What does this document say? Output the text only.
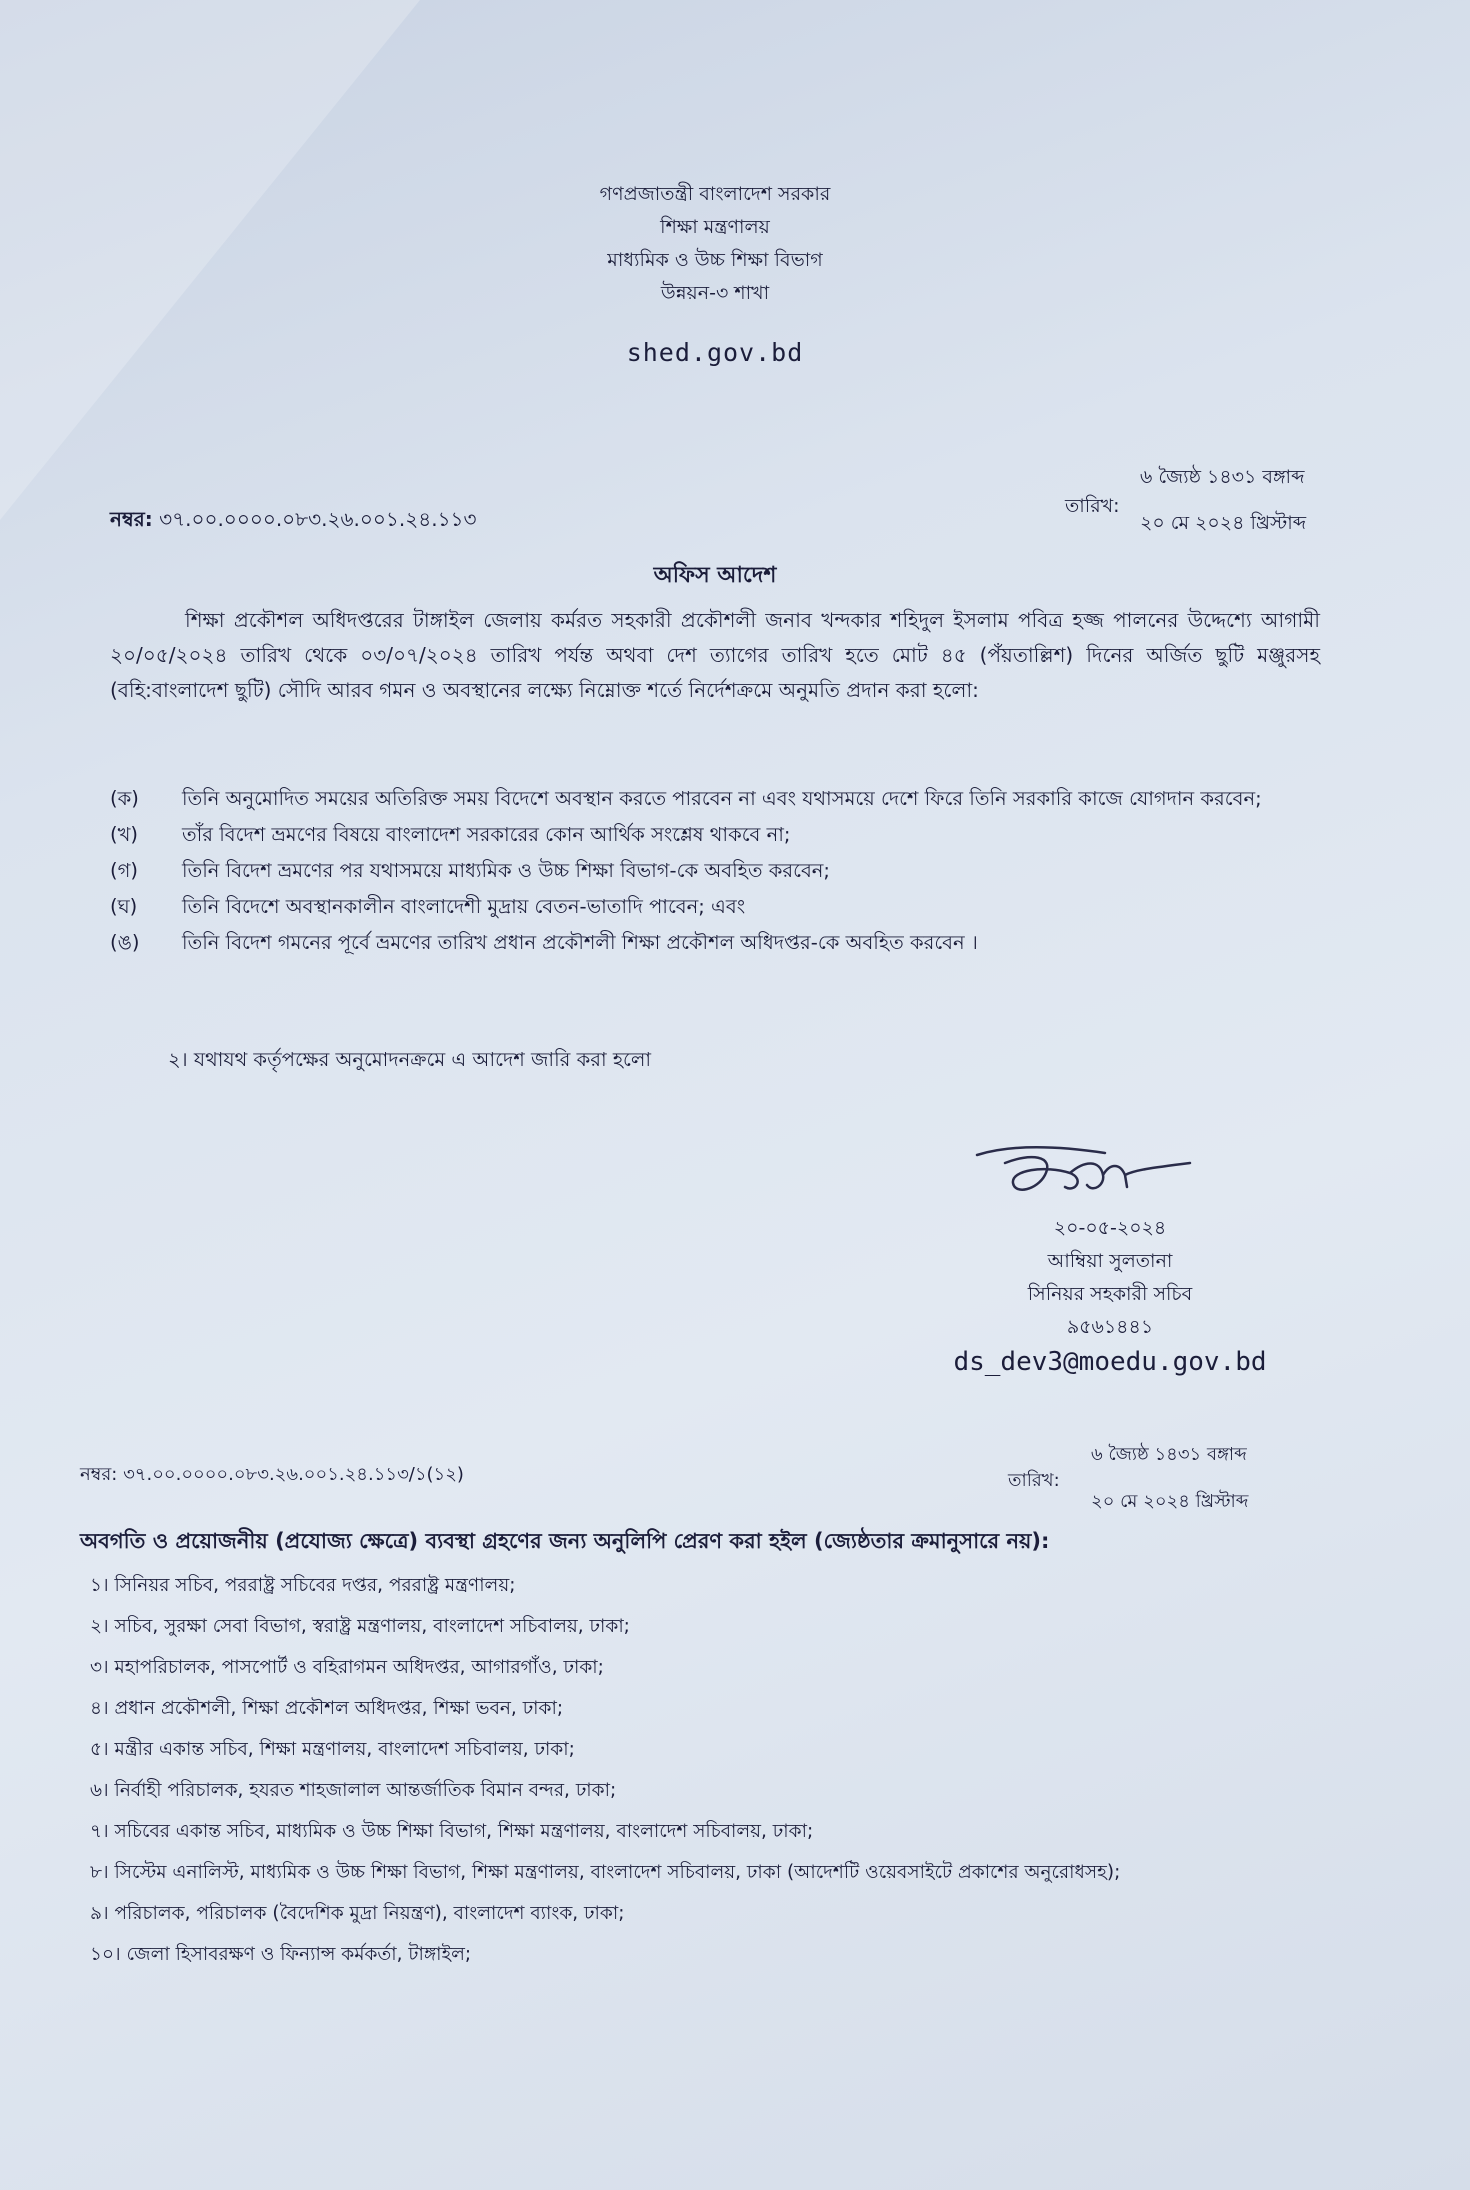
গণপ্রজাতন্ত্রী বাংলাদেশ সরকার
শিক্ষা মন্ত্রণালয়
মাধ্যমিক ও উচ্চ শিক্ষা বিভাগ
উন্নয়ন-৩ শাখা
shed.gov.bd
নম্বর: ৩৭.০০.০০০০.০৮৩.২৬.০০১.২৪.১১৩
৬ জ্যৈষ্ঠ ১৪৩১ বঙ্গাব্দ
তারিখ:
২০ মে ২০২৪ খ্রিস্টাব্দ
অফিস আদেশ
শিক্ষা প্রকৌশল অধিদপ্তরের টাঙ্গাইল জেলায় কর্মরত সহকারী প্রকৌশলী জনাব খন্দকার শহিদুল ইসলাম পবিত্র হজ্জ পালনের উদ্দেশ্যে আগামী ২০/০৫/২০২৪ তারিখ থেকে ০৩/০৭/২০২৪ তারিখ পর্যন্ত অথবা দেশ ত্যাগের তারিখ হতে মোট ৪৫ (পঁয়তাল্লিশ) দিনের অর্জিত ছুটি মঞ্জুরসহ (বহি:বাংলাদেশ ছুটি) সৌদি আরব গমন ও অবস্থানের লক্ষ্যে নিম্নোক্ত শর্তে নির্দেশক্রমে অনুমতি প্রদান করা হলো:
(ক)	তিনি অনুমোদিত সময়ের অতিরিক্ত সময় বিদেশে অবস্থান করতে পারবেন না এবং যথাসময়ে দেশে ফিরে তিনি সরকারি কাজে যোগদান করবেন;
(খ)	তাঁর বিদেশ ভ্রমণের বিষয়ে বাংলাদেশ সরকারের কোন আর্থিক সংশ্লেষ থাকবে না;
(গ)	তিনি বিদেশ ভ্রমণের পর যথাসময়ে মাধ্যমিক ও উচ্চ শিক্ষা বিভাগ-কে অবহিত করবেন;
(ঘ)	তিনি বিদেশে অবস্থানকালীন বাংলাদেশী মুদ্রায় বেতন-ভাতাদি পাবেন; এবং
(ঙ)	তিনি বিদেশ গমনের পূর্বে ভ্রমণের তারিখ প্রধান প্রকৌশলী শিক্ষা প্রকৌশল অধিদপ্তর-কে অবহিত করবেন ।
২। যথাযথ কর্তৃপক্ষের অনুমোদনক্রমে এ আদেশ জারি করা হলো
২০-০৫-২০২৪
আম্বিয়া সুলতানা
সিনিয়র সহকারী সচিব
৯৫৬১৪৪১
ds_dev3@moedu.gov.bd
নম্বর: ৩৭.০০.০০০০.০৮৩.২৬.০০১.২৪.১১৩/১(১২)
৬ জ্যৈষ্ঠ ১৪৩১ বঙ্গাব্দ
তারিখ:
২০ মে ২০২৪ খ্রিস্টাব্দ
অবগতি ও প্রয়োজনীয় (প্রযোজ্য ক্ষেত্রে) ব্যবস্থা গ্রহণের জন্য অনুলিপি প্রেরণ করা হইল (জ্যেষ্ঠতার ক্রমানুসারে নয়):
১। সিনিয়র সচিব, পররাষ্ট্র সচিবের দপ্তর, পররাষ্ট্র মন্ত্রণালয়;
২। সচিব, সুরক্ষা সেবা বিভাগ, স্বরাষ্ট্র মন্ত্রণালয়, বাংলাদেশ সচিবালয়, ঢাকা;
৩। মহাপরিচালক, পাসপোর্ট ও বহিরাগমন অধিদপ্তর, আগারগাঁও, ঢাকা;
৪। প্রধান প্রকৌশলী, শিক্ষা প্রকৌশল অধিদপ্তর, শিক্ষা ভবন, ঢাকা;
৫। মন্ত্রীর একান্ত সচিব, শিক্ষা মন্ত্রণালয়, বাংলাদেশ সচিবালয়, ঢাকা;
৬। নির্বাহী পরিচালক, হযরত শাহজালাল আন্তর্জাতিক বিমান বন্দর, ঢাকা;
৭। সচিবের একান্ত সচিব, মাধ্যমিক ও উচ্চ শিক্ষা বিভাগ, শিক্ষা মন্ত্রণালয়, বাংলাদেশ সচিবালয়, ঢাকা;
৮। সিস্টেম এনালিস্ট, মাধ্যমিক ও উচ্চ শিক্ষা বিভাগ, শিক্ষা মন্ত্রণালয়, বাংলাদেশ সচিবালয়, ঢাকা (আদেশটি ওয়েবসাইটে প্রকাশের অনুরোধসহ);
৯। পরিচালক, পরিচালক (বৈদেশিক মুদ্রা নিয়ন্ত্রণ), বাংলাদেশ ব্যাংক, ঢাকা;
১০। জেলা হিসাবরক্ষণ ও ফিন্যান্স কর্মকর্তা, টাঙ্গাইল;
